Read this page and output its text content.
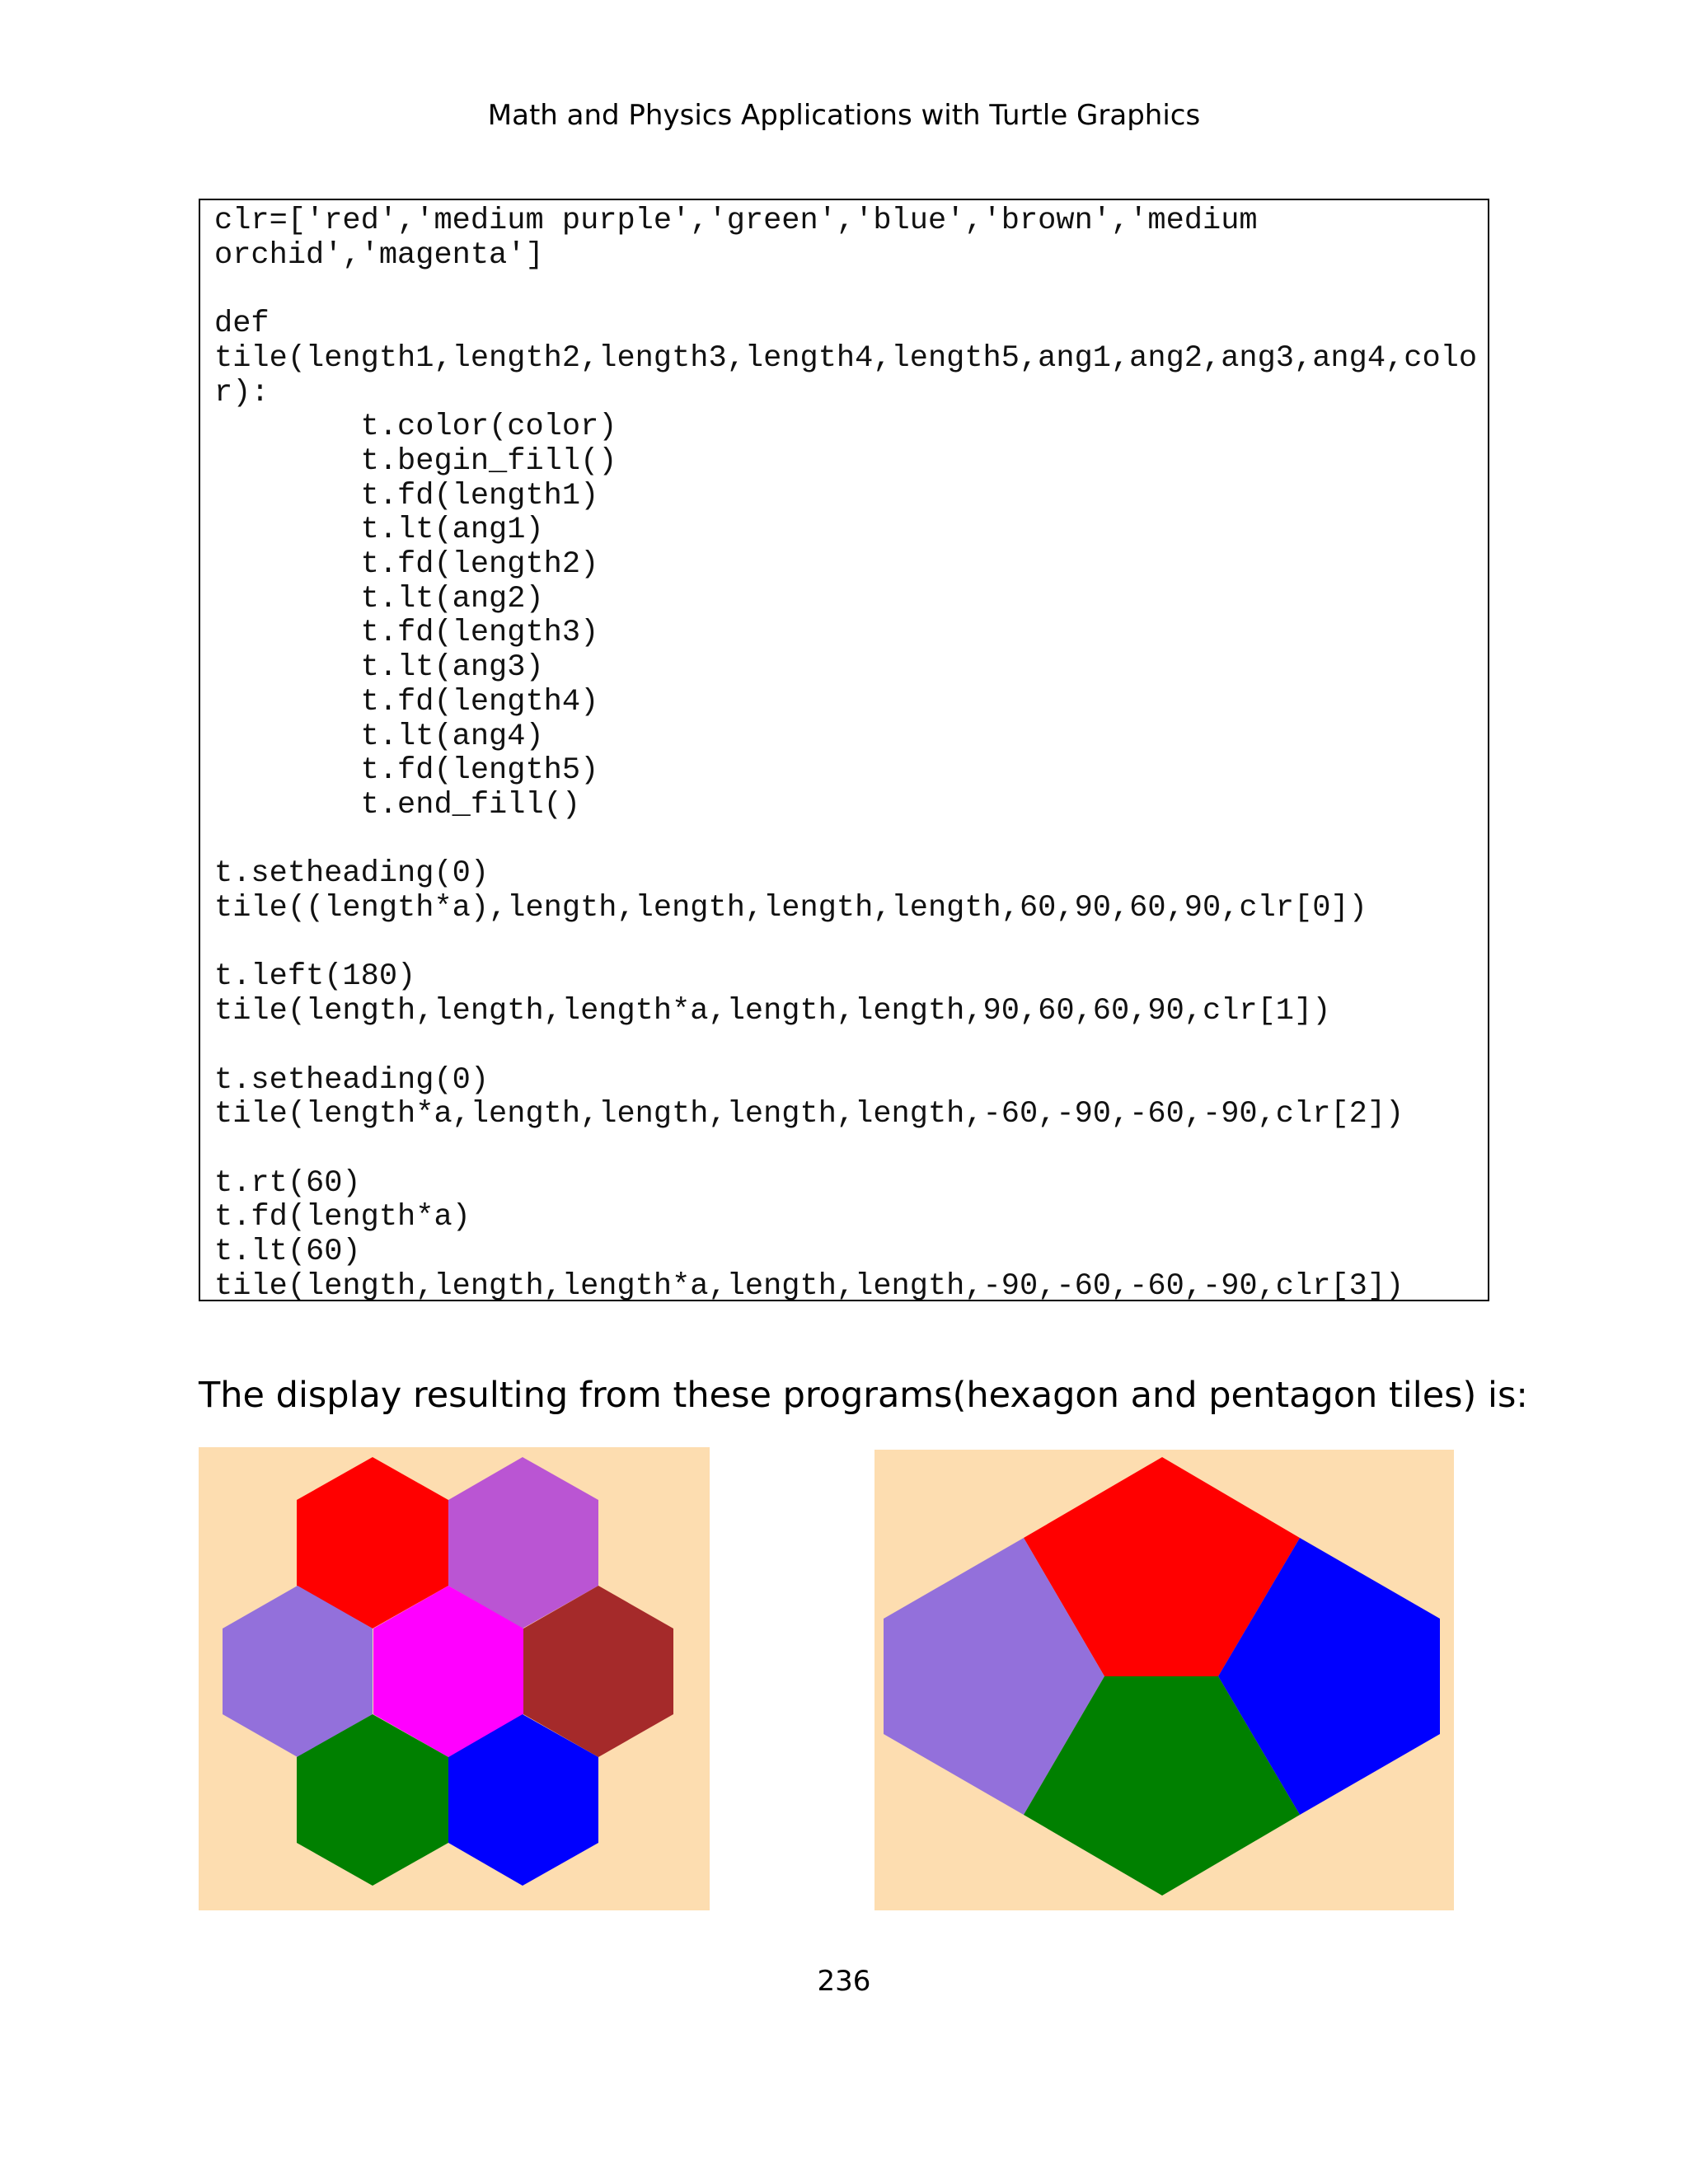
Math and Physics Applications with Turtle Graphics
clr=['red','medium purple','green','blue','brown','medium
orchid','magenta']

def
tile(length1,length2,length3,length4,length5,ang1,ang2,ang3,ang4,colo
r):
t.color(color)
t.begin_fill()
t.fd(length1)
t.lt(ang1)
t.fd(length2)
t.lt(ang2)
t.fd(length3)
t.lt(ang3)
t.fd(length4)
t.lt(ang4)
t.fd(length5)
t.end_fill()

t.setheading(0)
tile((length*a),length,length,length,length,60,90,60,90,clr[0])

t.left(180)
tile(length,length,length*a,length,length,90,60,60,90,clr[1])

t.setheading(0)
tile(length*a,length,length,length,length,-60,-90,-60,-90,clr[2])

t.rt(60)
t.fd(length*a)
t.lt(60)
tile(length,length,length*a,length,length,-90,-60,-60,-90,clr[3])
The display resulting from these programs(hexagon and pentagon tiles) is:
236
